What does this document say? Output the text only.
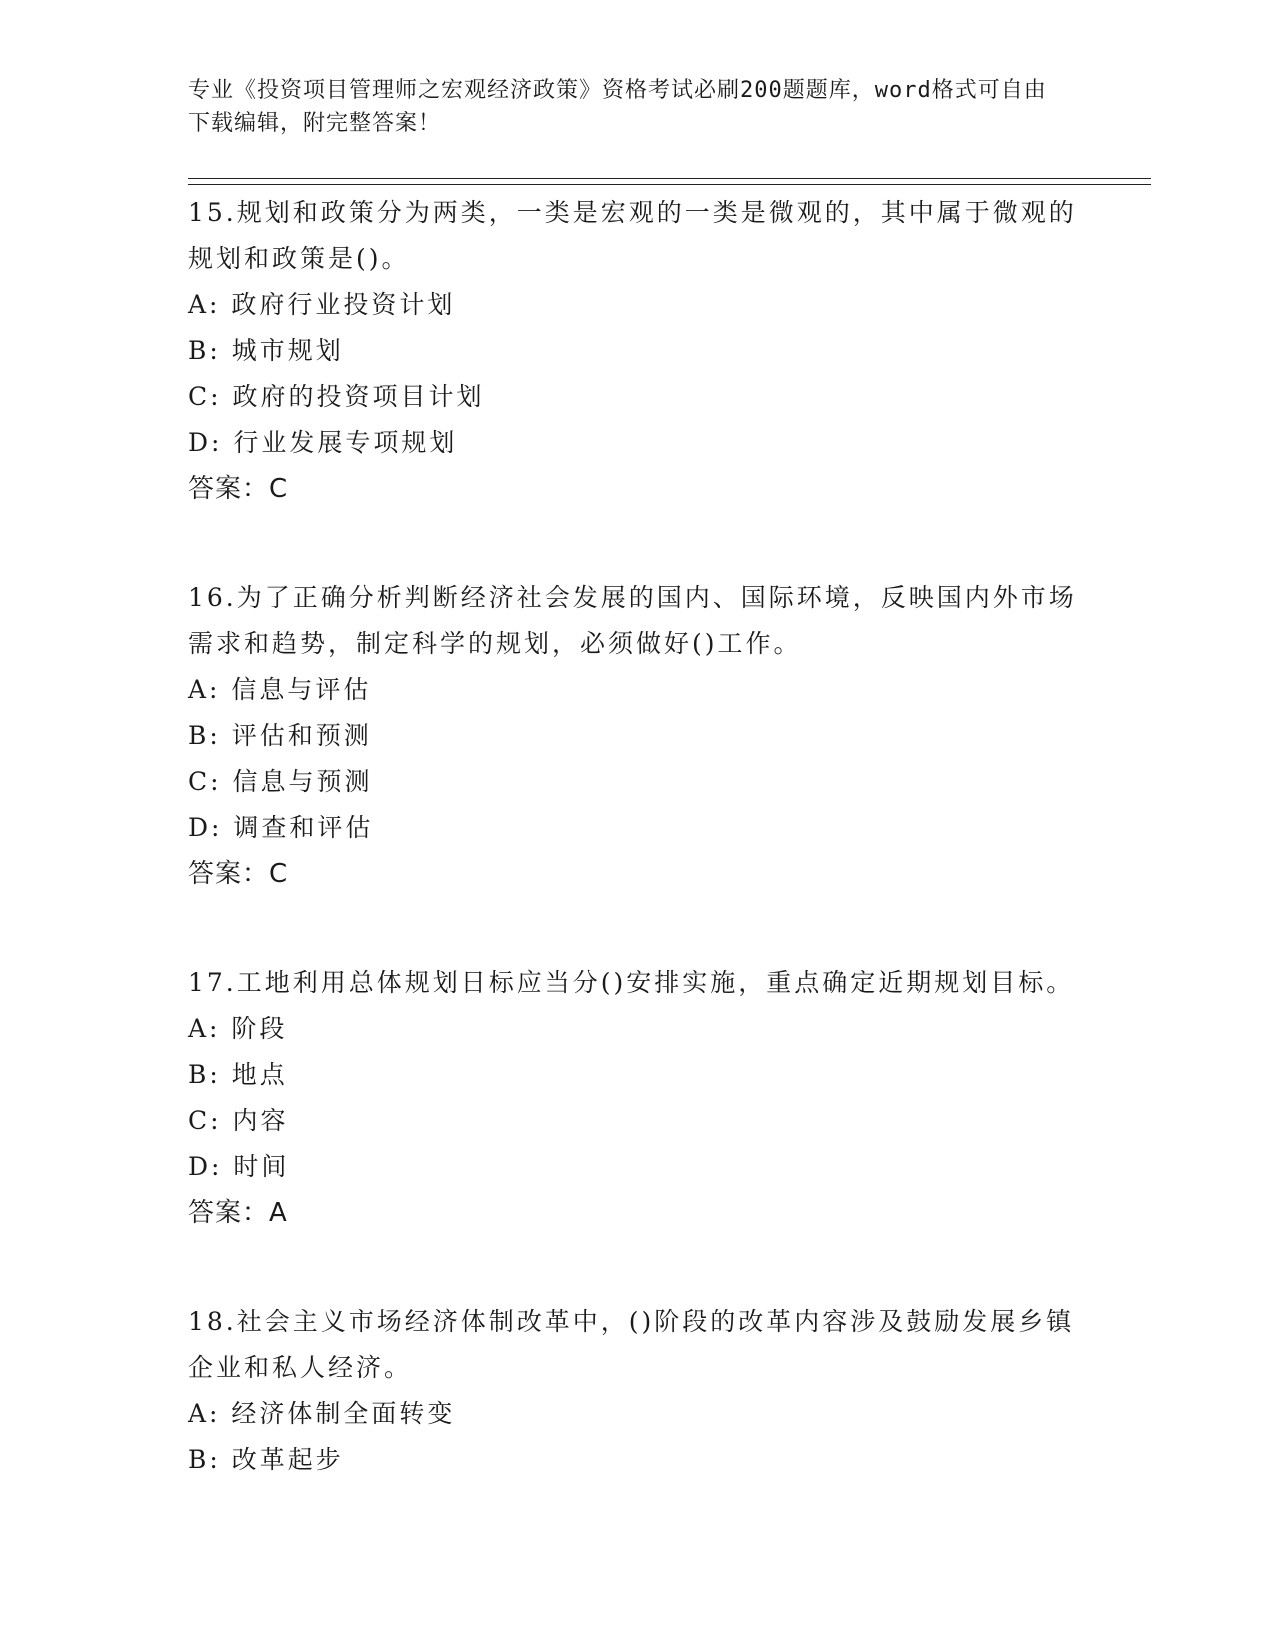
专业《投资项目管理师之宏观经济政策》资格考试必刷200题题库，word格式可自由下载编辑，附完整答案！
15.规划和政策分为两类，一类是宏观的一类是微观的，其中属于微观的规划和政策是()。
A: 政府行业投资计划
B: 城市规划
C: 政府的投资项目计划
D: 行业发展专项规划
答案：C
16.为了正确分析判断经济社会发展的国内、国际环境，反映国内外市场需求和趋势，制定科学的规划，必须做好()工作。
A: 信息与评估
B: 评估和预测
C: 信息与预测
D: 调查和评估
答案：C
17.工地利用总体规划日标应当分()安排实施，重点确定近期规划目标。
A: 阶段
B: 地点
C: 内容
D: 时间
答案：A
18.社会主义市场经济体制改革中，()阶段的改革内容涉及鼓励发展乡镇企业和私人经济。
A: 经济体制全面转变
B: 改革起步
